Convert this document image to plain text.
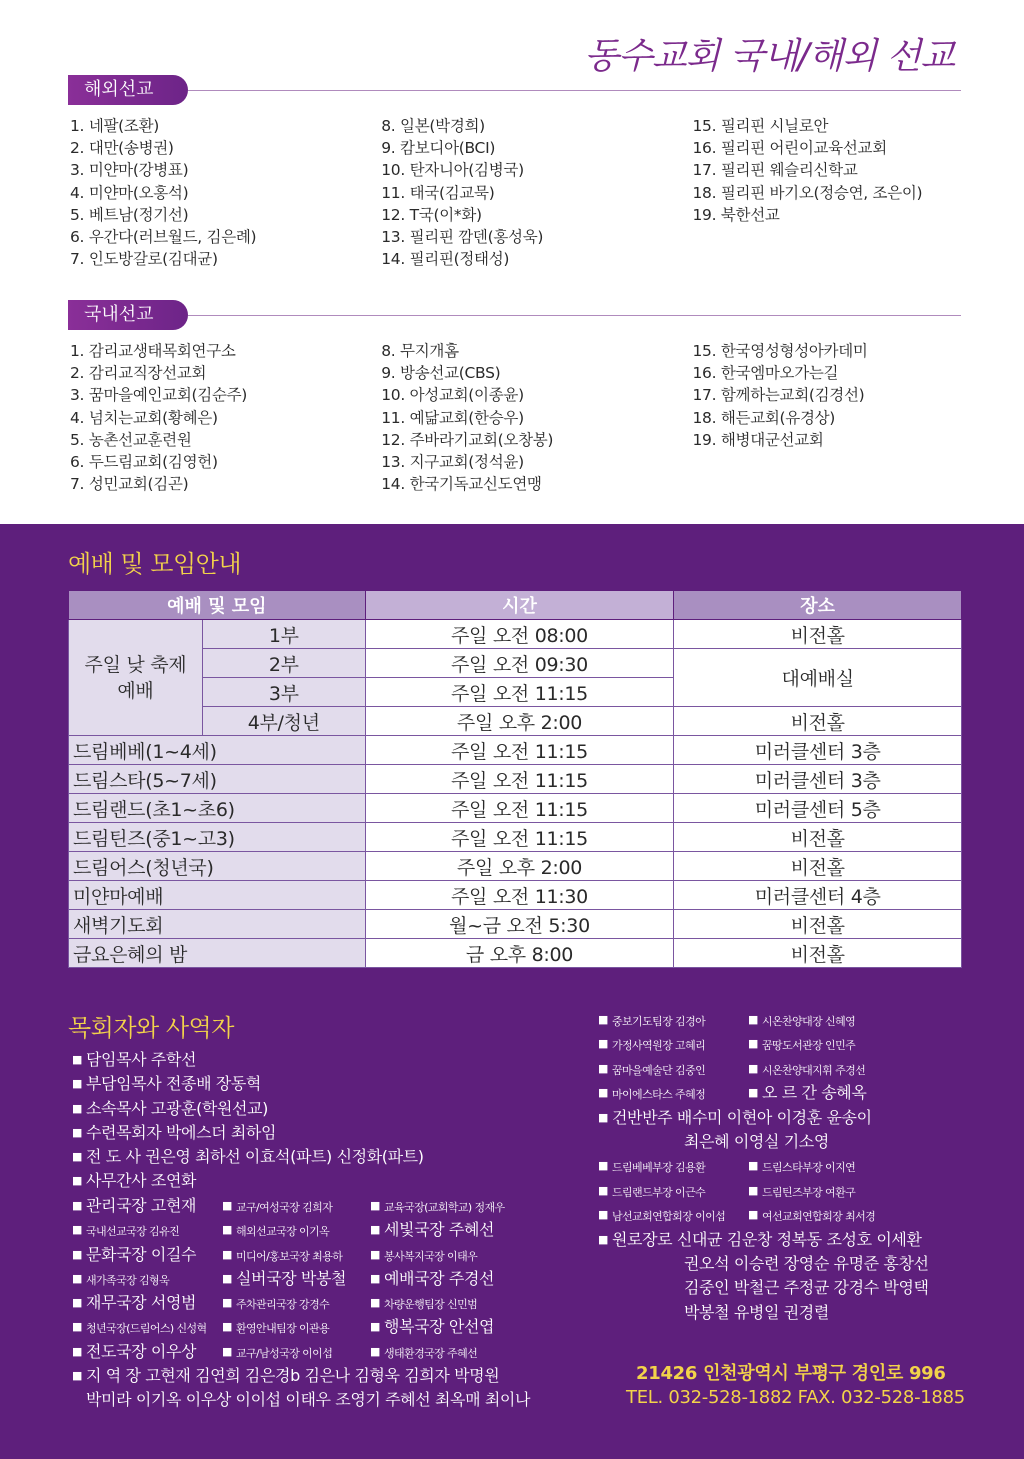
동수교회 국내/해외 선교
해외선교
1. 네팔(조환)
2. 대만(송병권)
3. 미얀마(강병표)
4. 미얀마(오홍석)
5. 베트남(정기선)
6. 우간다(러브월드, 김은례)
7. 인도방갈로(김대균)
8. 일본(박경희)
9. 캄보디아(BCI)
10. 탄자니아(김병국)
11. 태국(김교묵)
12. T국(이*화)
13. 필리핀 깜덴(홍성욱)
14. 필리핀(정태성)
15. 필리핀 시닐로안
16. 필리핀 어린이교육선교회
17. 필리핀 웨슬리신학교
18. 필리핀 바기오(정승연, 조은이)
19. 북한선교
국내선교
1. 감리교생태목회연구소
2. 감리교직장선교회
3. 꿈마을예인교회(김순주)
4. 넘치는교회(황혜은)
5. 농촌선교훈련원
6. 두드림교회(김영헌)
7. 성민교회(김곤)
8. 무지개홈
9. 방송선교(CBS)
10. 아성교회(이종윤)
11. 예닮교회(한승우)
12. 주바라기교회(오창봉)
13. 지구교회(정석윤)
14. 한국기독교신도연맹
15. 한국영성형성아카데미
16. 한국엠마오가는길
17. 함께하는교회(김경선)
18. 해든교회(유경상)
19. 해병대군선교회
예배 및 모임안내
예배 및 모임		시간	장소
주일 낮 축제
예배	1부	주일 오전 08:00	비전홀
	2부	주일 오전 09:30	대예배실
	3부	주일 오전 11:15	
	4부/청년	주일 오후 2:00	비전홀
드림베베(1~4세)		주일 오전 11:15	미러클센터 3층
드림스타(5~7세)		주일 오전 11:15	미러클센터 3층
드림랜드(초1~초6)		주일 오전 11:15	미러클센터 5층
드림틴즈(중1~고3)		주일 오전 11:15	비전홀
드림어스(청년국)		주일 오후 2:00	비전홀
미얀마예배		주일 오전 11:30	미러클센터 4층
새벽기도회		월~금 오전 5:30	비전홀
금요은혜의 밤		금 오후 8:00	비전홀
목회자와 사역자
■ 담임목사 주학선
■ 부담임목사 전종배 장동혁
■ 소속목사 고광훈(학원선교)
■ 수련목회자 박에스더 최하임
■ 전 도 사 권은영 최하선 이효석(파트) 신정화(파트)
■ 사무간사 조연화
■ 관리국장 고현재 ■ 교구/여성국장 김희자	■ 교육국장(교회학교) 정재우
■ 국내선교국장 김유진	■ 해외선교국장 이기옥	■ 세빛국장 주혜선
■ 문화국장 이길수 ■ 미디어/홍보국장 최용하	■ 봉사복지국장 이태우
■ 새가족국장 김형욱	■ 실버국장 박봉철 ■ 예배국장 주경선
■ 재무국장 서영범 ■ 주차관리국장 강경수	■ 차량운행팀장 신민범
■ 청년국장(드림어스) 신성혁 ■ 환영안내팀장 이관용	■ 행복국장 안선엽
■ 전도국장 이우상 ■ 교구/남성국장 이이섭	■ 생태환경국장 주혜선
■ 지 역 장 고현재 김연희 김은경b 김은나 김형욱 김희자 박명원
박미라 이기옥 이우상 이이섭 이태우 조영기 주혜선 최옥매 최이나
■ 중보기도팀장 김경아	■ 시온찬양대장 신혜영
■ 가정사역원장 고혜리	■ 꿈땅도서관장 인민주
■ 꿈마을예술단 김중인	■ 시온찬양대지휘 주경선
■ 마이에스타스 주혜정	■ 오 르 간 송혜옥
■ 건반반주 배수미 이현아 이경훈 윤송이
최은혜 이영실 기소영
■ 드림베베부장 김용환	■ 드림스타부장 이지연
■ 드림랜드부장 이근수	■ 드림틴즈부장 여환구
■ 남선교회연합회장 이이섭 ■ 여선교회연합회장 최서경
■ 원로장로 신대균 김운창 정복동 조성호 이세환
권오석 이승련 장영순 유명준 홍창선
김중인 박철근 주정균 강경수 박영택
박봉철 유병일 권경렬
21426 인천광역시 부평구 경인로 996
TEL. 032-528-1882 FAX. 032-528-1885
